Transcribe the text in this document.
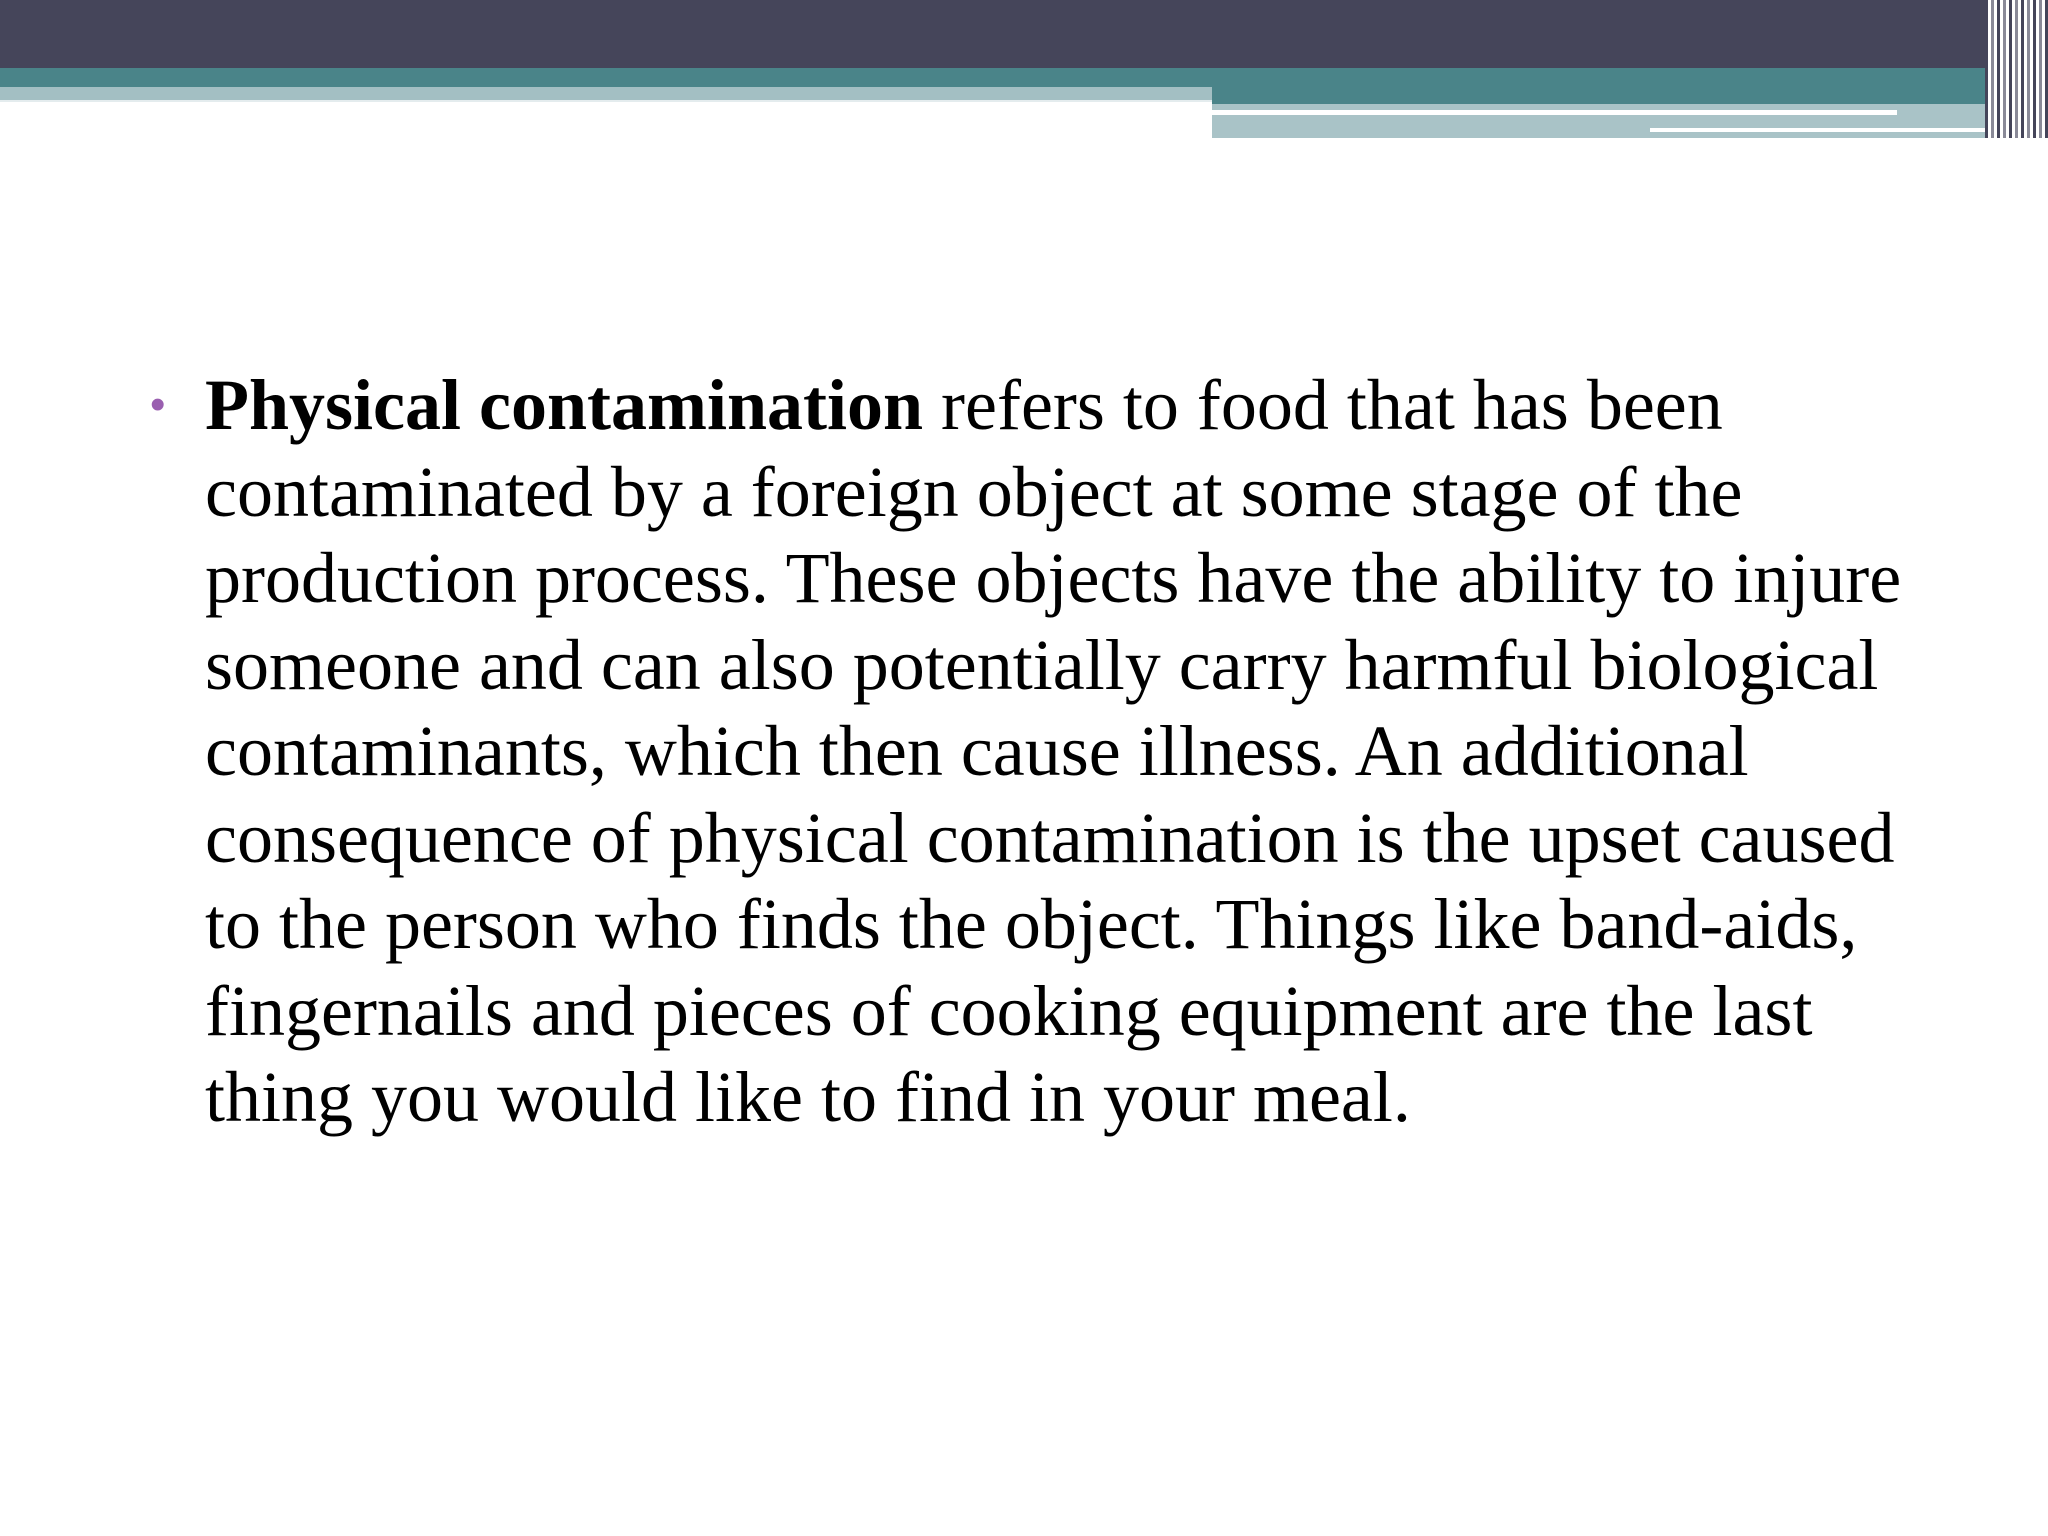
• Physical contamination refers to food that has been contaminated by a foreign object at some stage of the production process. These objects have the ability to injure someone and can also potentially carry harmful biological contaminants, which then cause illness. An additional consequence of physical contamination is the upset caused to the person who finds the object. Things like band-aids, fingernails and pieces of cooking equipment are the last thing you would like to find in your meal.
